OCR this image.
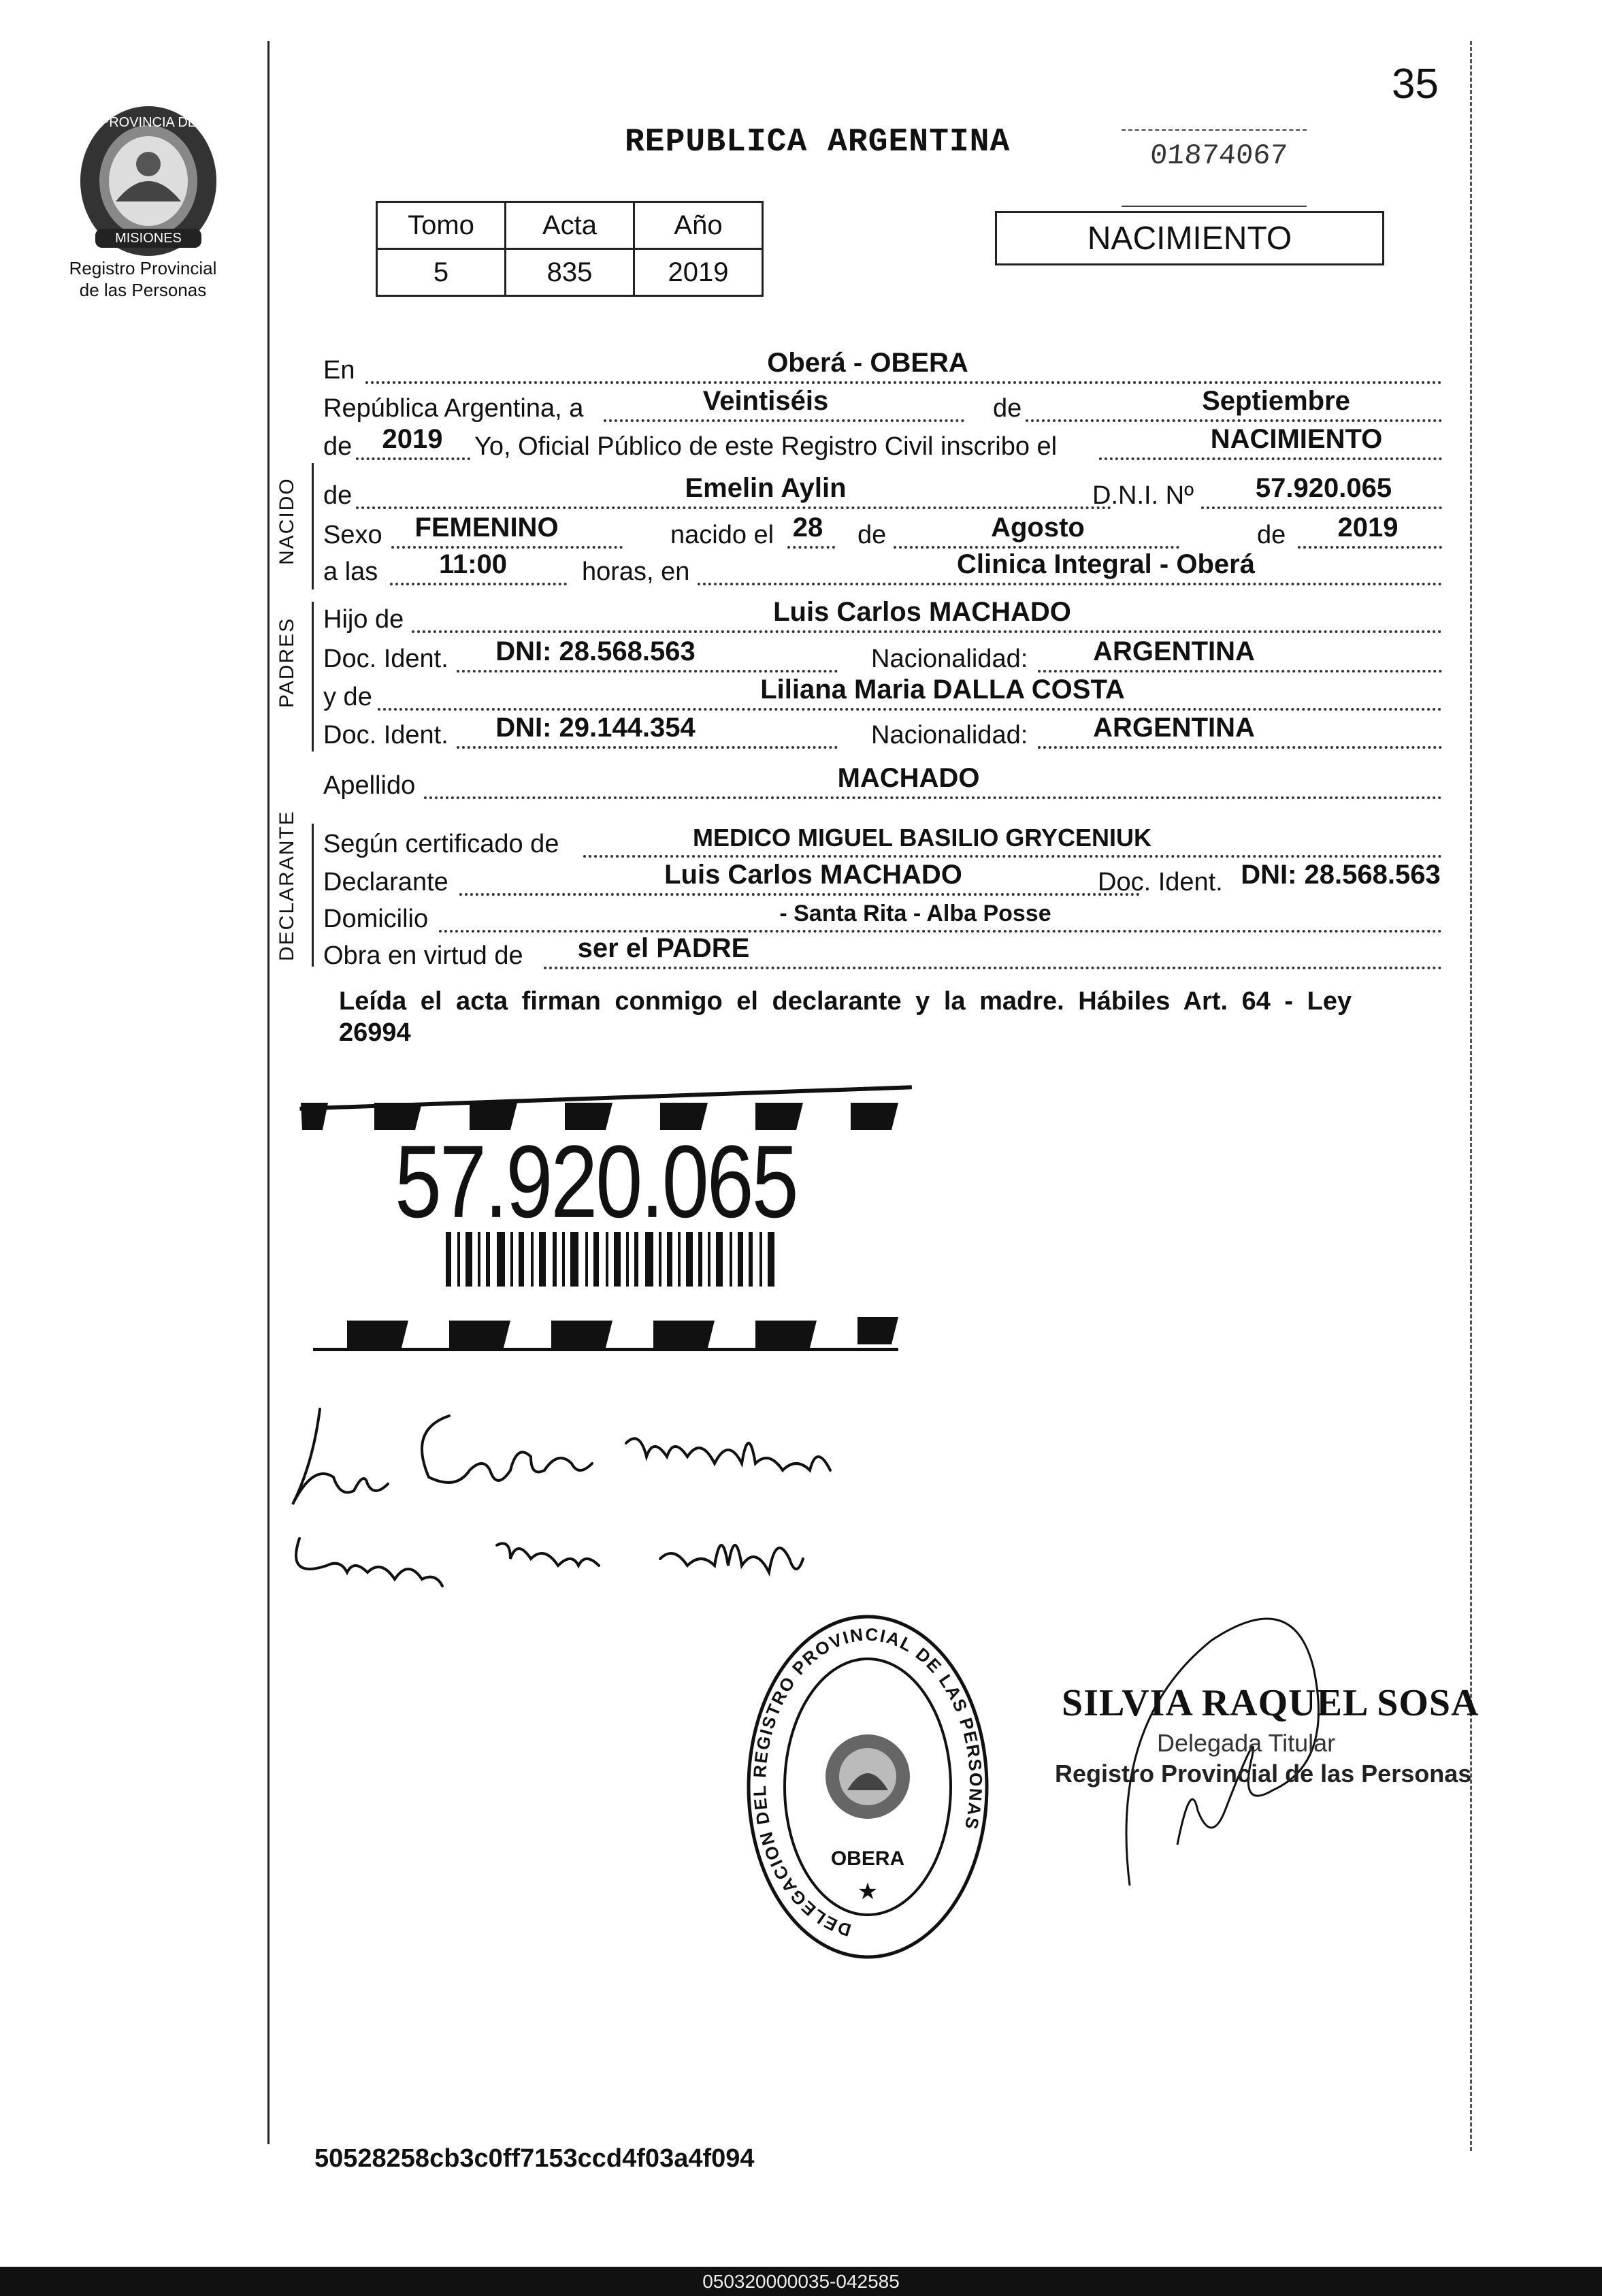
PROVINCIA DE
MISIONES
Registro Provincial
de las Personas
35
REPUBLICA ARGENTINA	01874067
Tomo	Acta	Año
5	835	2019
NACIMIENTO
En	Oberá - OBERA
República Argentina, a	Veintiséis	de	Septiembre
de	2019	Yo, Oficial Público de este Registro Civil inscribo el	NACIMIENTO
NACIDO de	Emelin Aylin	D.N.I. Nº	57.920.065
Sexo	FEMENINO	nacido el 28	de	Agosto	de	2019
a las	11:00	horas, en	Clinica Integral - Oberá
PADRES Hijo de	Luis Carlos MACHADO
Doc. Ident.	DNI: 28.568.563	Nacionalidad:	ARGENTINA
y de	Liliana Maria DALLA COSTA
Doc. Ident.	DNI: 29.144.354	Nacionalidad:	ARGENTINA
Apellido	MACHADO
DECLARANTE Según certificado de	MEDICO MIGUEL BASILIO GRYCENIUK
Declarante	Luis Carlos MACHADO	Doc. Ident. DNI: 28.568.563
Domicilio	- Santa Rita - Alba Posse
Obra en virtud de	ser el PADRE
Leída el acta firman conmigo el declarante y la madre. Hábiles Art. 64 - Ley 26994
57.920.065
DELEGACION DEL REGISTRO PROVINCIAL DE LAS PERSONAS
OBERA
★
SILVIA RAQUEL SOSA
Delegada Titular
Registro Provincial de las Personas
50528258cb3c0ff7153ccd4f03a4f094
050320000035-042585
